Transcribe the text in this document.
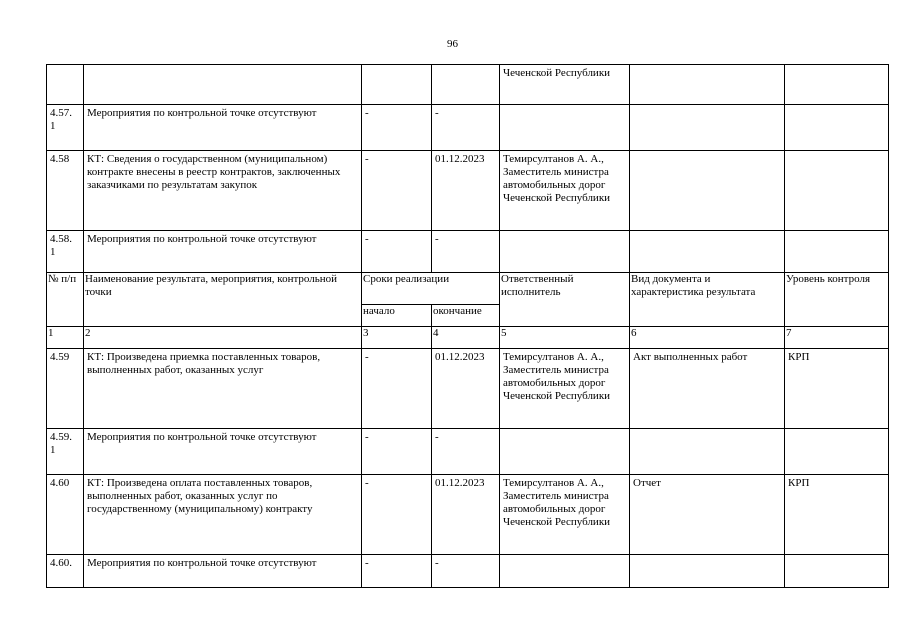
96
				Чеченской Республики		
4.57. 1	Мероприятия по контрольной точке отсутствуют	-	-			
4.58	КТ: Сведения о государственном (муниципальном) контракте внесены в реестр контрактов, заключенных заказчиками по результатам закупок	-	01.12.2023	Темирсултанов А. А., Заместитель министра автомобильных дорог Чеченской Республики		
4.58. 1	Мероприятия по контрольной точке отсутствуют	-	-			
№ п/п	Наименование результата, мероприятия, контрольной точки	Сроки реализации		Ответственный исполнитель	Вид документа и характеристика результата	Уровень контроля
		начало	окончание			
1	2	3	4	5	6	7
4.59	КТ: Произведена приемка поставленных товаров, выполненных работ, оказанных услуг	-	01.12.2023	Темирсултанов А. А., Заместитель министра автомобильных дорог Чеченской Республики	Акт выполненных работ	КРП
4.59. 1	Мероприятия по контрольной точке отсутствуют	-	-			
4.60	КТ: Произведена оплата поставленных товаров, выполненных работ, оказанных услуг по государственному (муниципальному) контракту	-	01.12.2023	Темирсултанов А. А., Заместитель министра автомобильных дорог Чеченской Республики	Отчет	КРП
4.60.	Мероприятия по контрольной точке отсутствуют	-	-			
